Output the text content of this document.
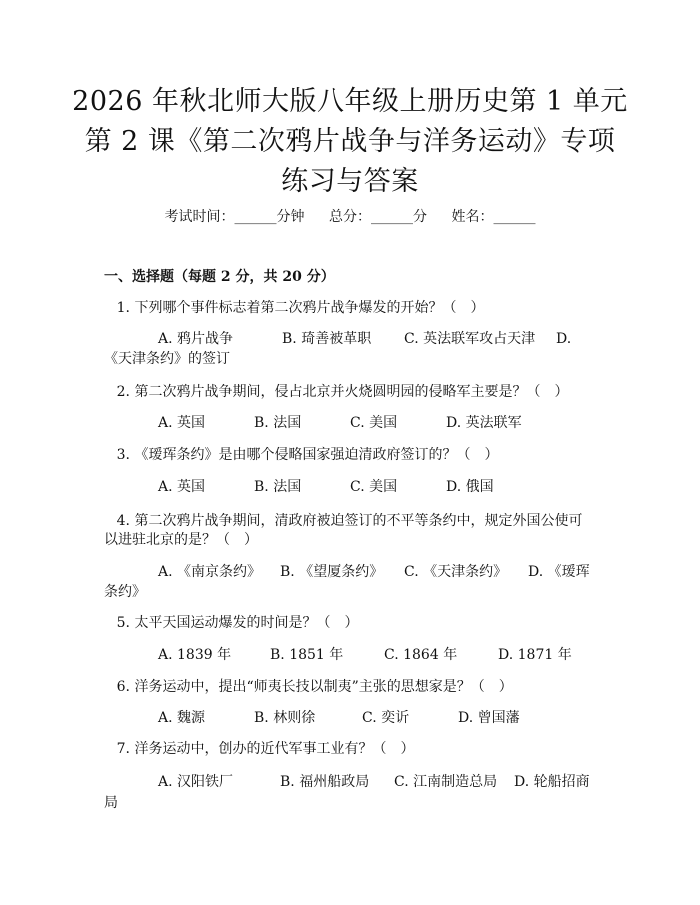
2026 年秋北师大版八年级上册历史第 1 单元
第 2 课《第二次鸦片战争与洋务运动》专项
练习与答案
考试时间：______分钟 总分：______分 姓名：______
一、选择题（每题 2 分，共 20 分）
1. 下列哪个事件标志着第二次鸦片战争爆发的开始？（　）
A. 鸦片战争	B. 琦善被革职 C. 英法联军攻占天津 D.
《天津条约》的签订
2. 第二次鸦片战争期间，侵占北京并火烧圆明园的侵略军主要是？（　）
A. 英国	B. 法国	C. 美国	D. 英法联军
3. 《瑷珲条约》是由哪个侵略国家强迫清政府签订的？（　）
A. 英国	B. 法国	C. 美国	D. 俄国
4. 第二次鸦片战争期间，清政府被迫签订的不平等条约中，规定外国公使可
以进驻北京的是？（　）
A. 《南京条约》 B. 《望厦条约》 C. 《天津条约》 D. 《瑷珲
条约》
5. 太平天国运动爆发的时间是？（　）
A. 1839 年	B. 1851 年	C. 1864 年	D. 1871 年
6. 洋务运动中，提出“师夷长技以制夷”主张的思想家是？（　）
A. 魏源	B. 林则徐	C. 奕䜣	D. 曾国藩
7. 洋务运动中，创办的近代军事工业有？（　）
A. 汉阳铁厂	B. 福州船政局 C. 江南制造总局 D. 轮船招商
局
